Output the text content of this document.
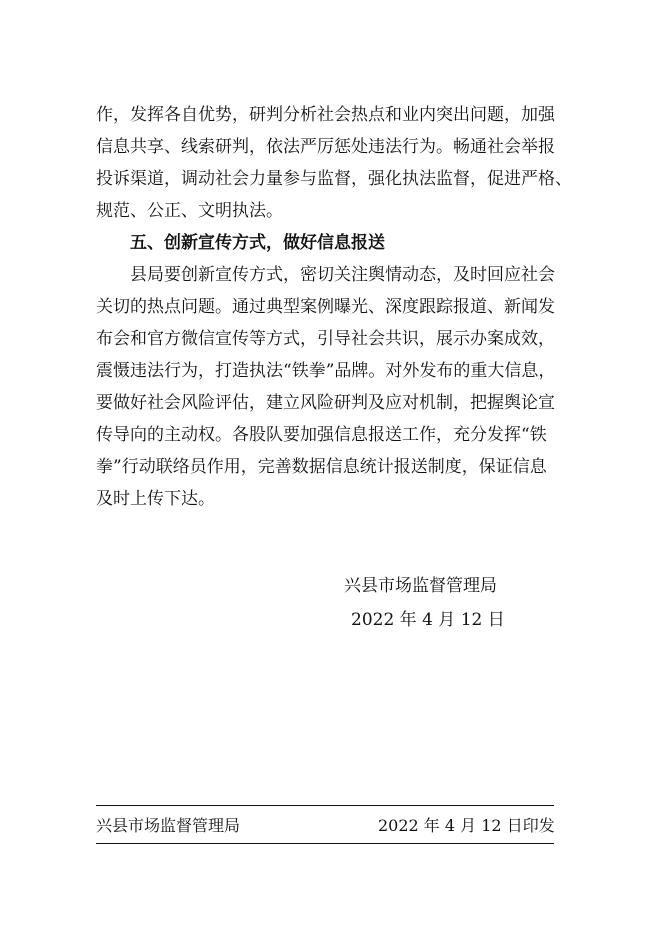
作，发挥各自优势，研判分析社会热点和业内突出问题，加强
信息共享、线索研判，依法严厉惩处违法行为。畅通社会举报
投诉渠道，调动社会力量参与监督，强化执法监督，促进严格、
规范、公正、文明执法。
五、创新宣传方式，做好信息报送
县局要创新宣传方式，密切关注舆情动态，及时回应社会
关切的热点问题。通过典型案例曝光、深度跟踪报道、新闻发
布会和官方微信宣传等方式，引导社会共识，展示办案成效，
震慑违法行为，打造执法“铁拳”品牌。对外发布的重大信息，
要做好社会风险评估，建立风险研判及应对机制，把握舆论宣
传导向的主动权。各股队要加强信息报送工作，充分发挥“铁
拳”行动联络员作用，完善数据信息统计报送制度，保证信息
及时上传下达。
兴县市场监督管理局
2022 年 4 月 12 日
兴县市场监督管理局	2022 年 4 月 12 日印发
